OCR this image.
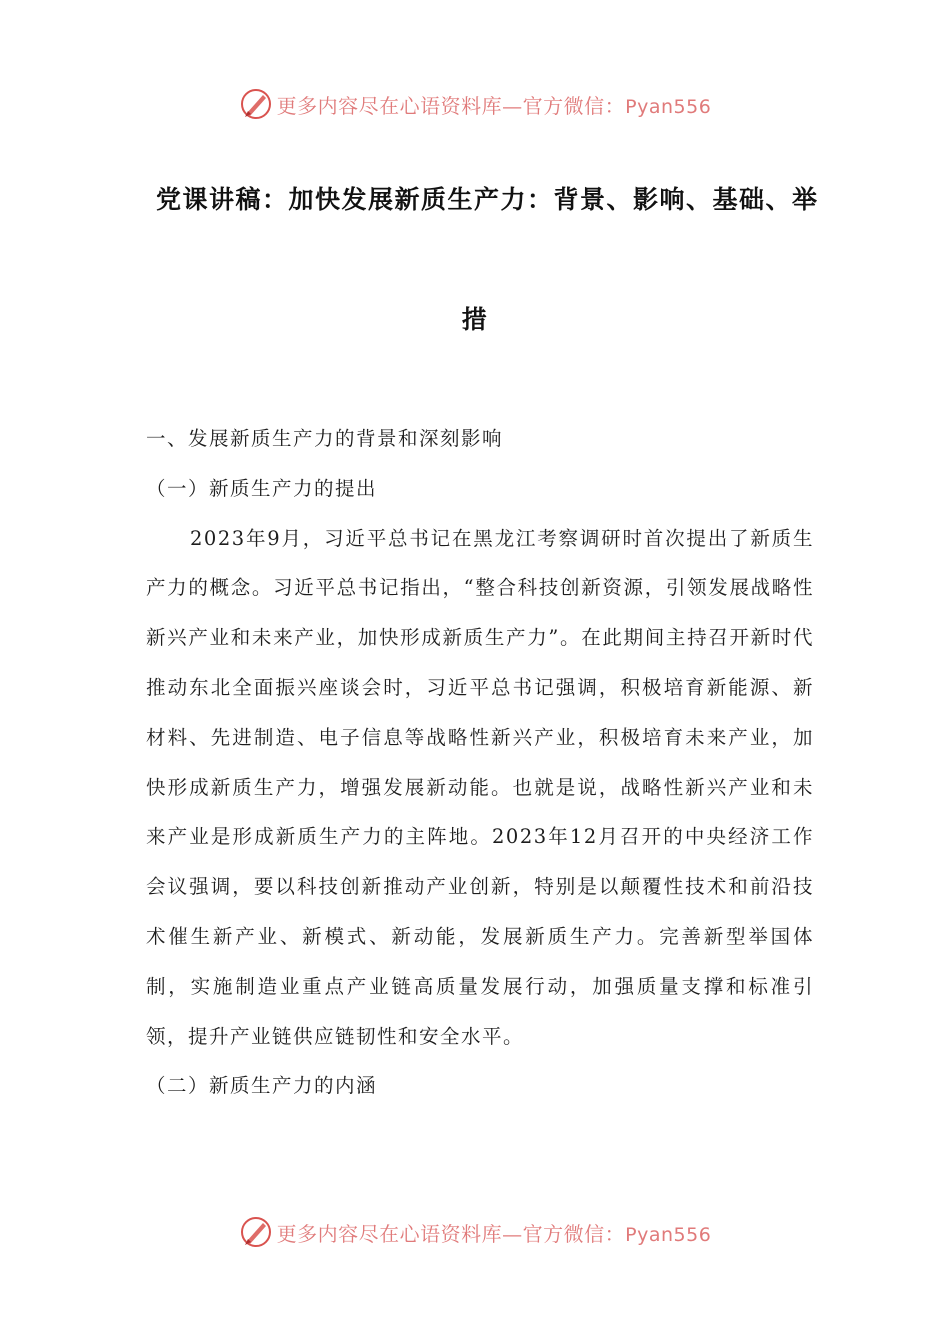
更多内容尽在心语资料库—官方微信：Pyan556
党课讲稿：加快发展新质生产力：背景、影响、基础、举
措

一、发展新质生产力的背景和深刻影响

（一）新质生产力的提出

2023年9月，习近平总书记在黑龙江考察调研时首次提出了新质生产力的概念。习近平总书记指出，“整合科技创新资源，引领发展战略性新兴产业和未来产业，加快形成新质生产力”。在此期间主持召开新时代推动东北全面振兴座谈会时，习近平总书记强调，积极培育新能源、新材料、先进制造、电子信息等战略性新兴产业，积极培育未来产业，加快形成新质生产力，增强发展新动能。也就是说，战略性新兴产业和未来产业是形成新质生产力的主阵地。2023年12月召开的中央经济工作会议强调，要以科技创新推动产业创新，特别是以颠覆性技术和前沿技术催生新产业、新模式、新动能，发展新质生产力。完善新型举国体制，实施制造业重点产业链高质量发展行动，加强质量支撑和标准引领，提升产业链供应链韧性和安全水平。

（二）新质生产力的内涵

更多内容尽在心语资料库—官方微信：Pyan556
